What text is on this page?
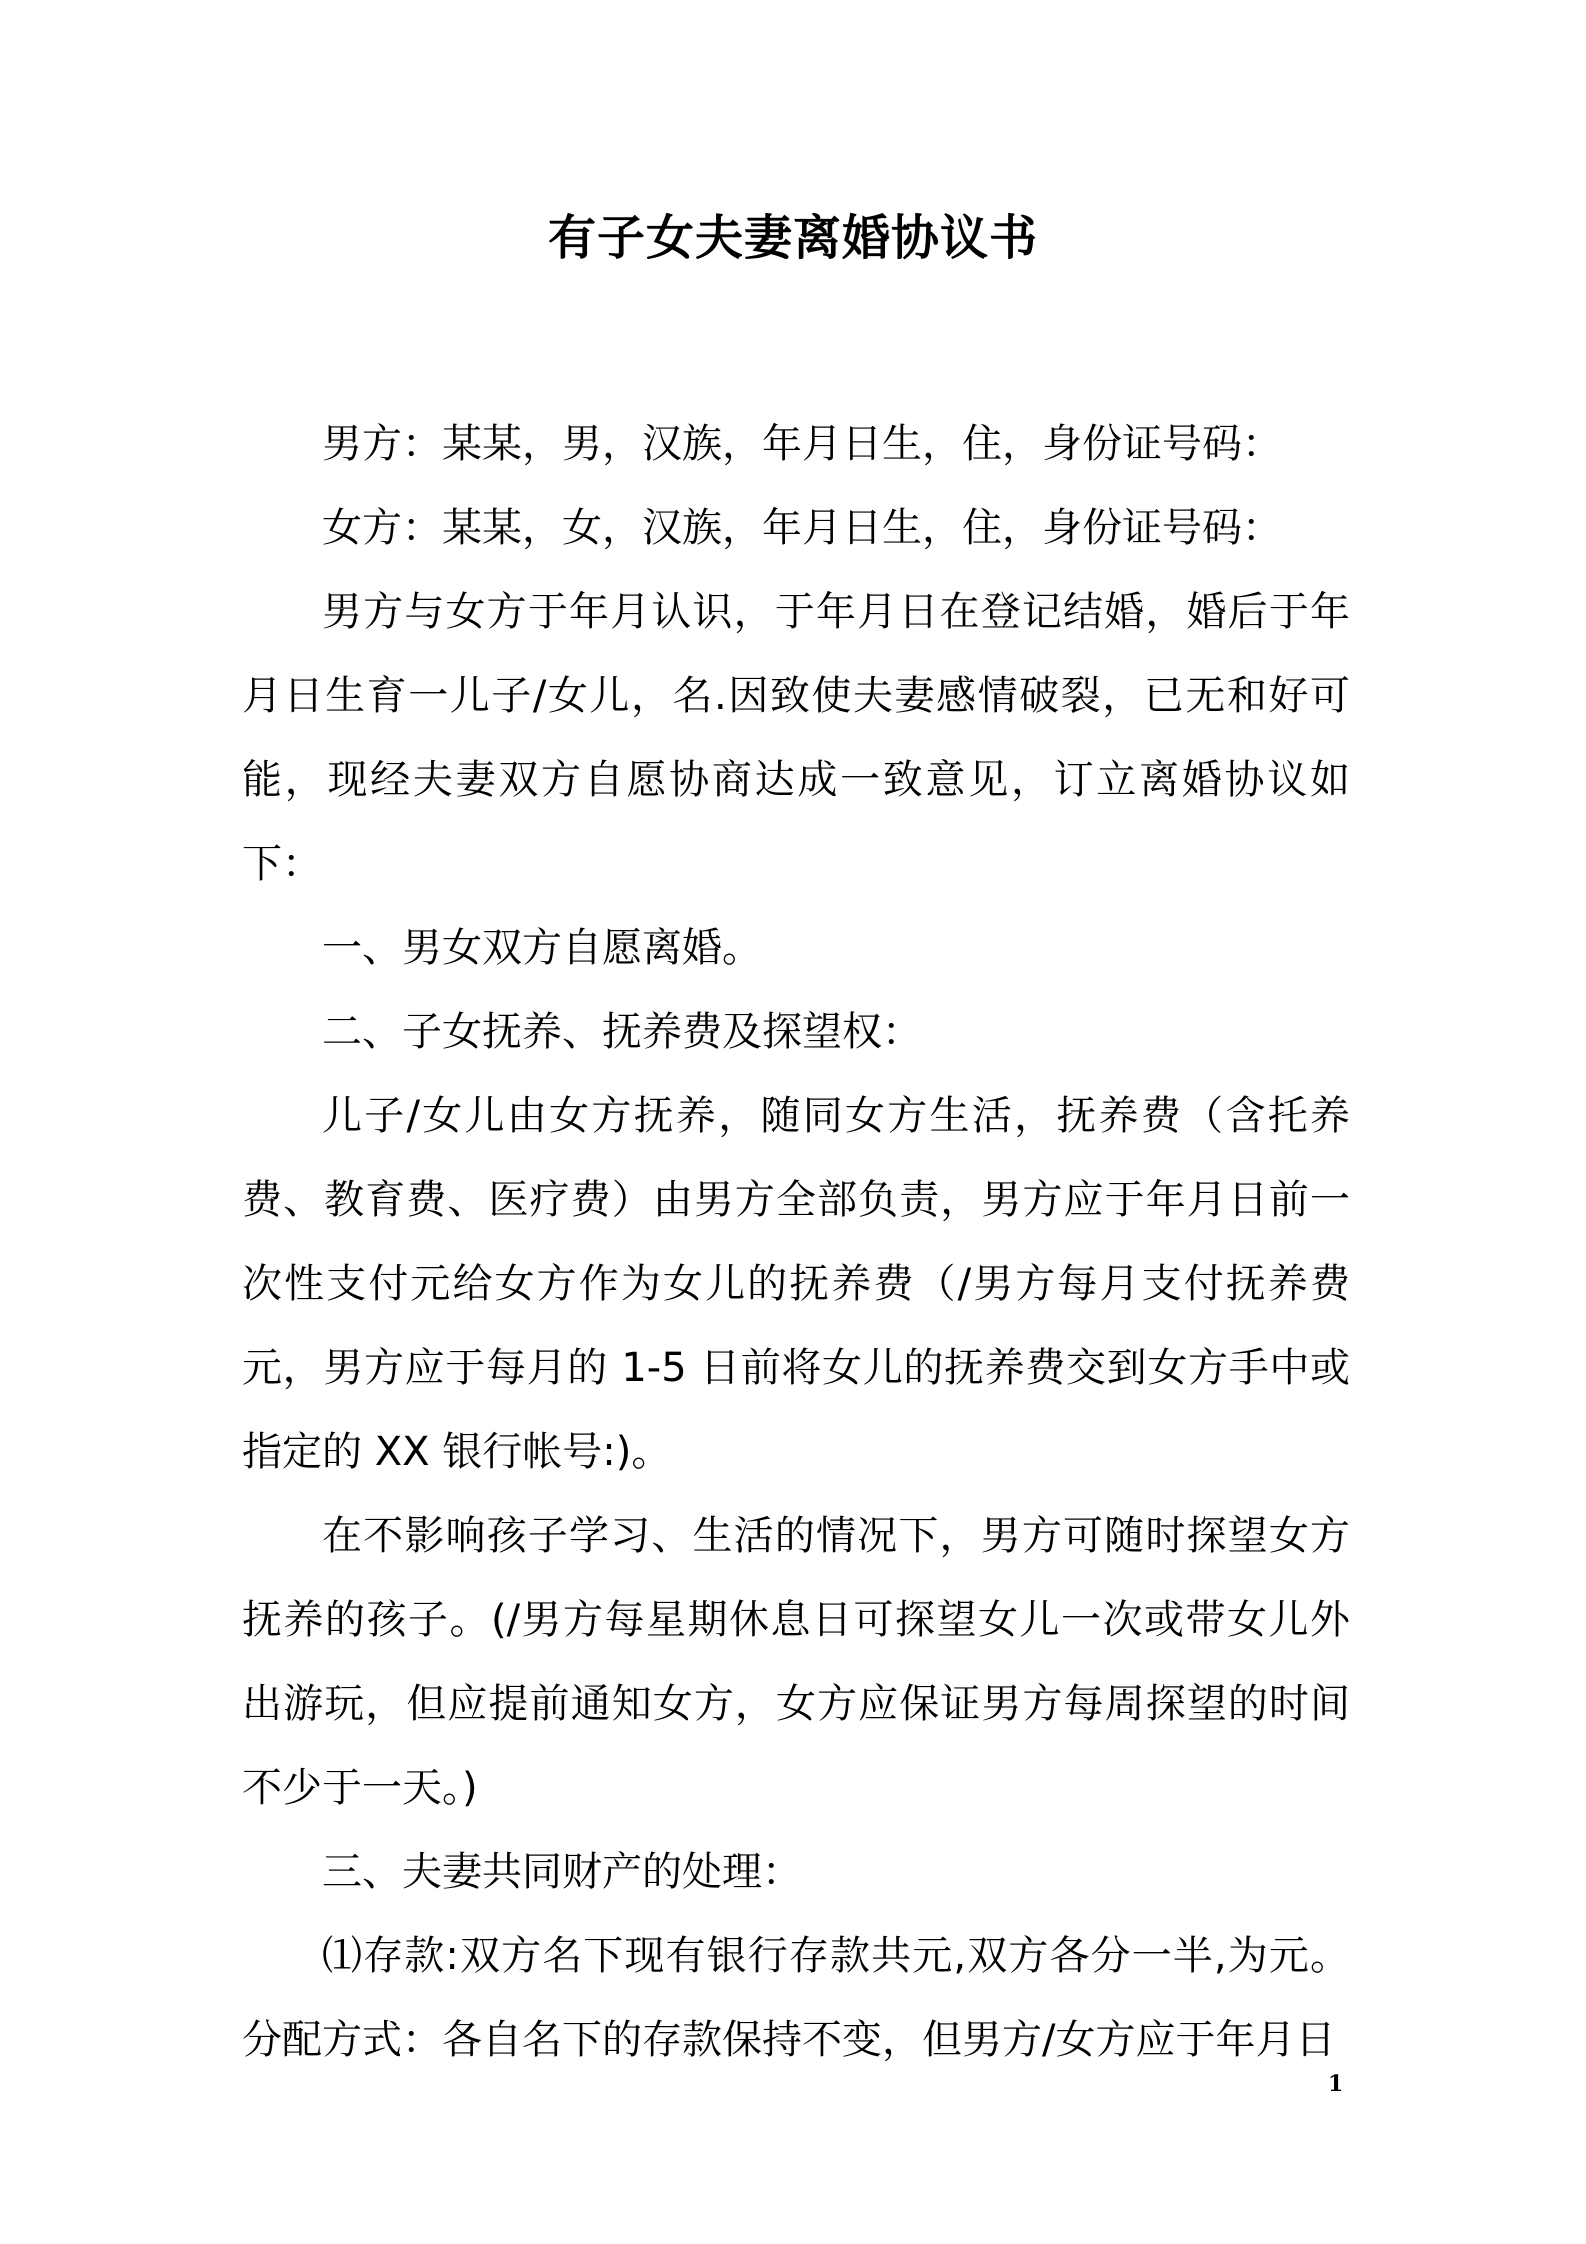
有子女夫妻离婚协议书

男方：某某，男，汉族，年月日生，住，身份证号码：

女方：某某，女，汉族，年月日生，住，身份证号码：

男方与女方于年月认识，于年月日在登记结婚，婚后于年月日生育一儿子/女儿，名.因致使夫妻感情破裂，已无和好可能，现经夫妻双方自愿协商达成一致意见，订立离婚协议如下：

一、男女双方自愿离婚。

二、子女抚养、抚养费及探望权：

儿子/女儿由女方抚养，随同女方生活，抚养费（含托养费、教育费、医疗费）由男方全部负责，男方应于年月日前一次性支付元给女方作为女儿的抚养费（/男方每月支付抚养费元，男方应于每月的 1-5 日前将女儿的抚养费交到女方手中或指定的 XX 银行帐号:)。

在不影响孩子学习、生活的情况下，男方可随时探望女方抚养的孩子。(/男方每星期休息日可探望女儿一次或带女儿外出游玩，但应提前通知女方，女方应保证男方每周探望的时间不少于一天。)

三、夫妻共同财产的处理：

⑴存款:双方名下现有银行存款共元,双方各分一半,为元。分配方式：各自名下的存款保持不变，但男方/女方应于年月日

1
